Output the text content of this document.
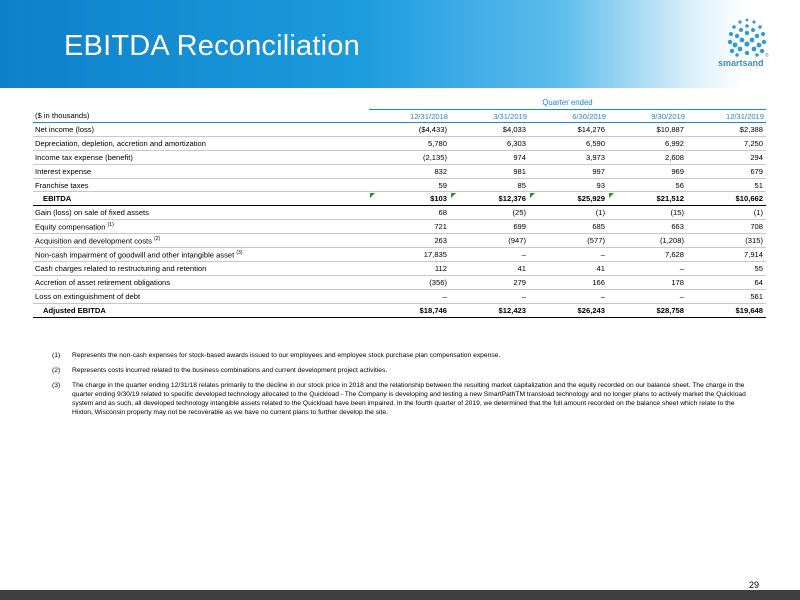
EBITDA Reconciliation
smartsand
®
	Quarter ended				
($ in thousands)	12/31/2018	3/31/2019	6/30/2019	9/30/2019	12/31/2019
Net income (loss)	($4,433)	$4,033	$14,276	$10,887	$2,388
Depreciation, depletion, accretion and amortization	5,780	6,303	6,590	6,992	7,250
Income tax expense (benefit)	(2,135)	974	3,973	2,608	294
Interest expense	832	981	997	969	679
Franchise taxes	59	85	93	56	51
EBITDA	$103	$12,376	$25,929	$21,512	$10,662
Gain (loss) on sale of fixed assets	68	(25)	(1)	(15)	(1)
Equity compensation $^{(1)}$	721	699	685	663	708
Acquisition and development costs $^{(2)}$	263	(947)	(577)	(1,208)	(315)
Non-cash impairment of goodwill and other intangible asset $^{(3)}$	17,835	–	–	7,628	7,914
Cash charges related to restructuring and retention	112	41	41	–	55
Accretion of asset retirement obligations	(356)	279	166	178	64
Loss on extinguishment of debt	–	–	–	–	561
Adjusted EBITDA	$18,746	$12,423	$26,243	$28,758	$19,648
(1)	Represents the non-cash expenses for stock-based awards issued to our employees and employee stock purchase plan compensation expense.
(2)	Represents costs incurred related to the business combinations and current development project activities.
(3)	The charge in the quarter ending 12/31/18 relates primarily to the decline in our stock price in 2018 and the relationship between the resulting market capitalization and the equity recorded on our balance sheet. The charge in the quarter ending 9/30/19 related to specific developed technology allocated to the Quickload - The Company is developing and testing a new SmartPathTM transload technology and no longer plans to actively market the Quickload system and as such, all developed technology intangible assets related to the Quickload have been impaired. In the fourth quarter of 2019, we determined that the full amount recorded on the balance sheet which relate to the Hixton, Wisconsin property may not be recoverable as we have no current plans to further develop the site.
29
